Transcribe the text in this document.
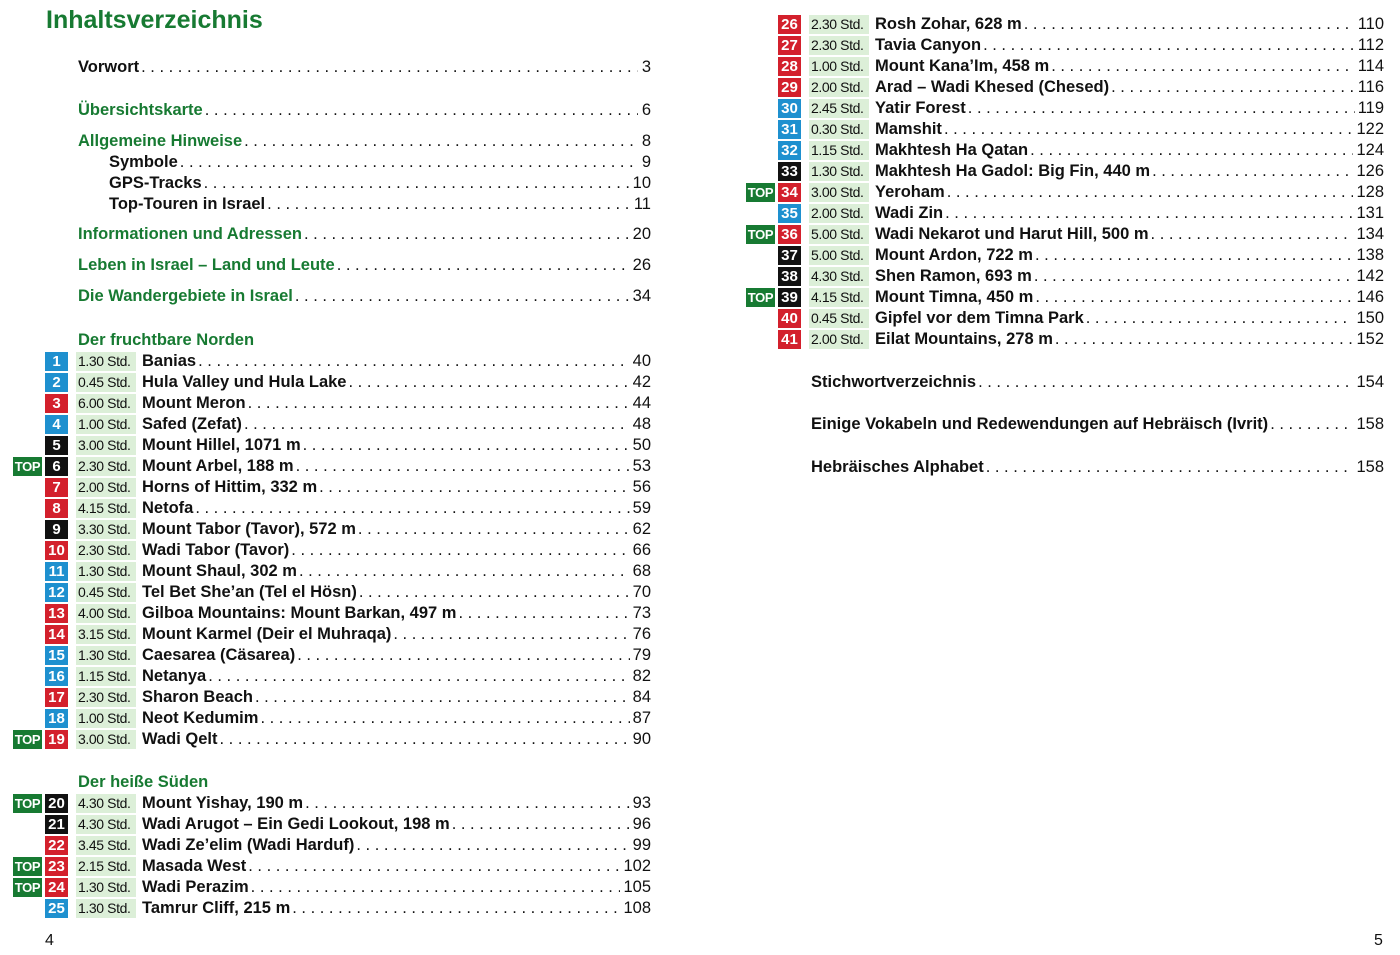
Inhaltsverzeichnis
Vorwort . . .	3
Übersichtskarte . . .	6
Allgemeine Hinweise . . .	8
Symbole . . .	9
GPS-Tracks . . .	10
Top-Touren in Israel . . .	11
Informationen und Adressen . . .	20
Leben in Israel – Land und Leute . . .	26
Die Wandergebiete in Israel . . .	34
Der fruchtbare Norden
1	1.30 Std. Banias . . .	40
2	0.45 Std. Hula Valley und Hula Lake . . .	42
3	6.00 Std. Mount Meron . . .	44
4	1.00 Std. Safed (Zefat) . . .	48
5	3.00 Std. Mount Hillel, 1071 m . . .	50
TOP 6	2.30 Std. Mount Arbel, 188 m . . .	53
7	2.00 Std. Horns of Hittim, 332 m . . .	56
8	4.15 Std. Netofa . . .	59
9	3.30 Std. Mount Tabor (Tavor), 572 m . . .	62
10 2.30 Std. Wadi Tabor (Tavor) . . .	66
11 1.30 Std. Mount Shaul, 302 m . . .	68
12 0.45 Std. Tel Bet She’an (Tel el Hösn) . . .	70
13 4.00 Std. Gilboa Mountains: Mount Barkan, 497 m . . .	73
14 3.15 Std. Mount Karmel (Deir el Muhraqa) . . .	76
15 1.30 Std. Caesarea (Cäsarea) . . .	79
16 1.15 Std. Netanya . . .	82
17 2.30 Std. Sharon Beach . . .	84
18 1.00 Std. Neot Kedumim . . .	87
TOP 19 3.00 Std. Wadi Qelt . . .	90
Der heiße Süden
TOP 20 4.30 Std. Mount Yishay, 190 m . . .	93
21 4.30 Std. Wadi Arugot – Ein Gedi Lookout, 198 m . . .	96
22 3.45 Std. Wadi Ze’elim (Wadi Harduf) . . .	99
TOP 23 2.15 Std. Masada West . . .	102
TOP 24 1.30 Std. Wadi Perazim . . .	105
25 1.30 Std. Tamrur Cliff, 215 m . . .	108
26 2.30 Std. Rosh Zohar, 628 m . . .	110
27 2.30 Std. Tavia Canyon . . .	112
28 1.00 Std. Mount Kana’Im, 458 m . . .	114
29 2.00 Std. Arad – Wadi Khesed (Chesed) . . .	116
30 2.45 Std. Yatir Forest . . .	119
31 0.30 Std. Mamshit . . .	122
32 1.15 Std. Makhtesh Ha Qatan . . .	124
33 1.30 Std. Makhtesh Ha Gadol: Big Fin, 440 m . . .	126
TOP 34 3.00 Std. Yeroham . . .	128
35 2.00 Std. Wadi Zin . . .	131
TOP 36 5.00 Std. Wadi Nekarot und Harut Hill, 500 m . . .	134
37 5.00 Std. Mount Ardon, 722 m . . .	138
38 4.30 Std. Shen Ramon, 693 m . . .	142
TOP 39 4.15 Std. Mount Timna, 450 m . . .	146
40 0.45 Std. Gipfel vor dem Timna Park . . .	150
41 2.00 Std. Eilat Mountains, 278 m . . .	152
Stichwortverzeichnis . . .	154
Einige Vokabeln und Redewendungen auf Hebräisch (Ivrit) . . .	158
Hebräisches Alphabet . . .	158
4	5
